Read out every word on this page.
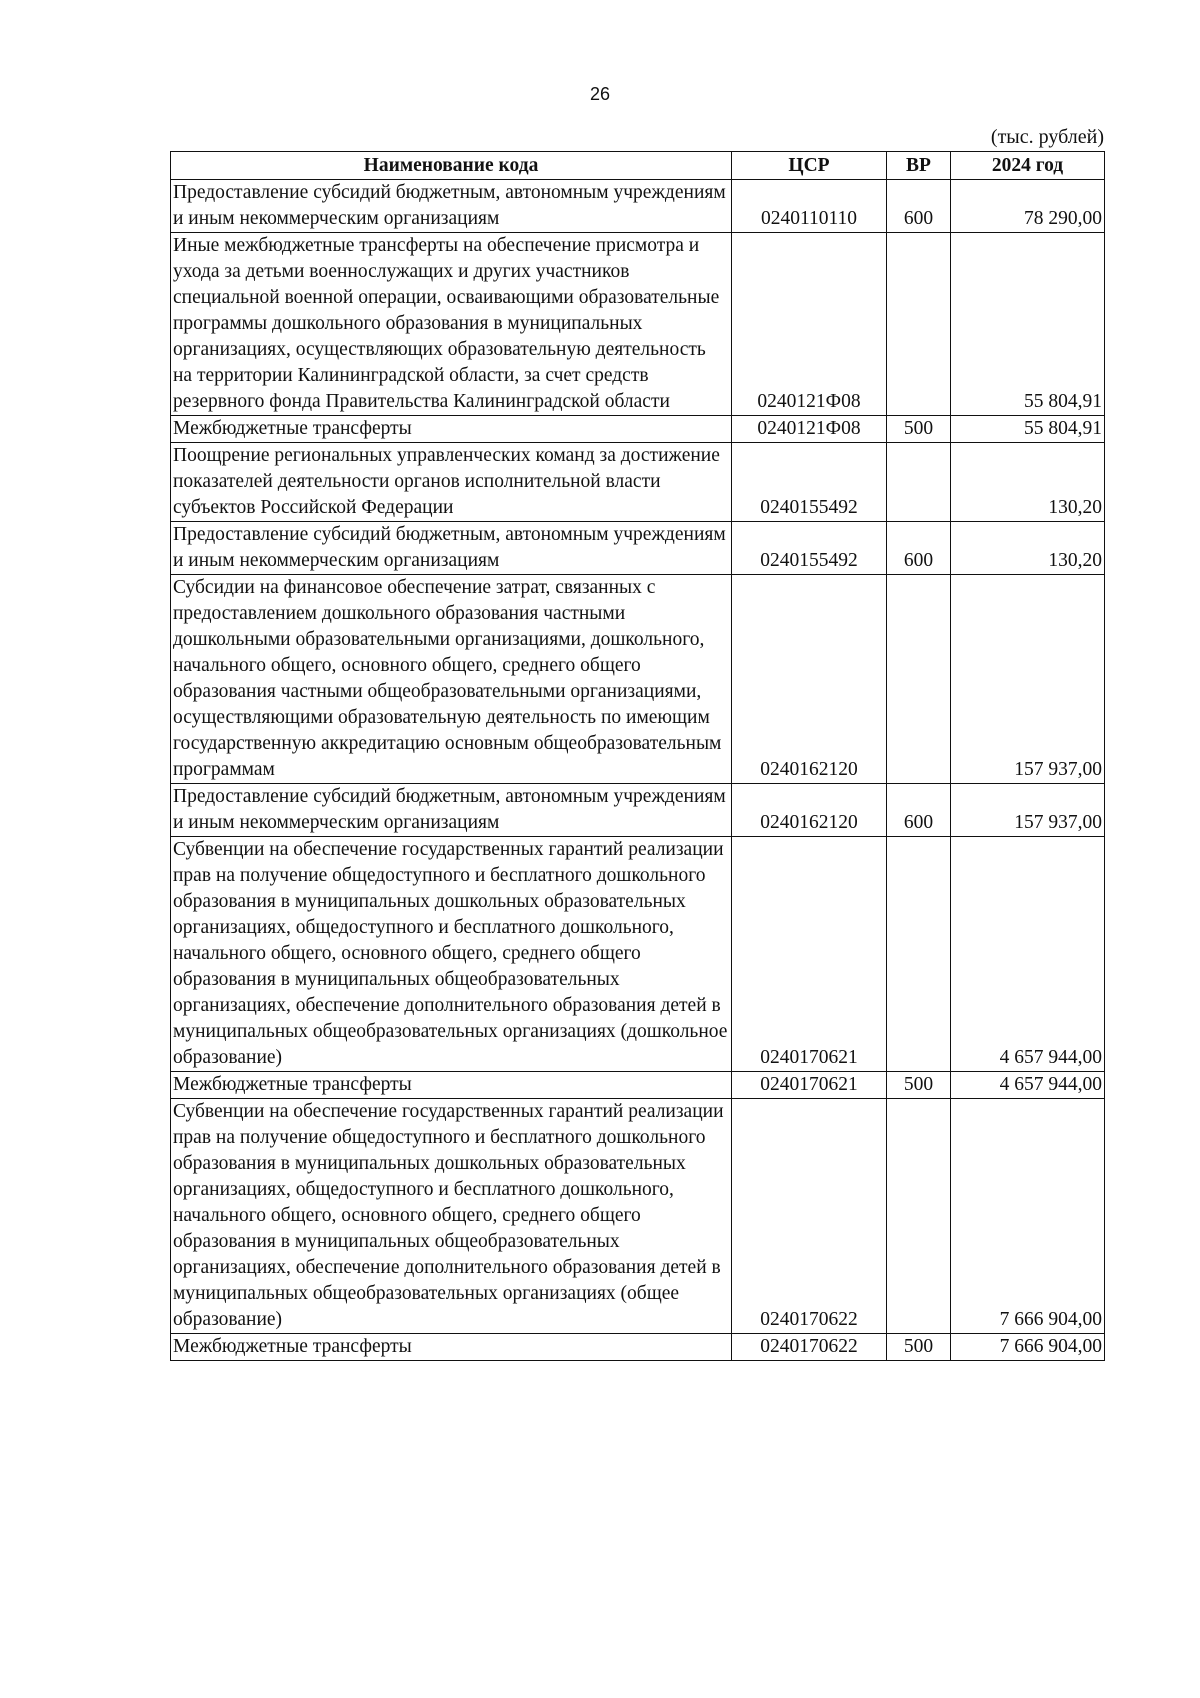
26
(тыс. рублей)
Наименование кода	ЦСР	ВР	2024 год
Предоставление субсидий бюджетным, автономным учреждениям и иным некоммерческим организациям	0240110110	600	78 290,00
Иные межбюджетные трансферты на обеспечение присмотра и ухода за детьми военнослужащих и других участников специальной военной операции, осваивающими образовательные программы дошкольного образования в муниципальных организациях, осуществляющих образовательную деятельность на территории Калининградской области, за счет средств резервного фонда Правительства Калининградской области	0240121Ф08		55 804,91
Межбюджетные трансферты	0240121Ф08	500	55 804,91
Поощрение региональных управленческих команд за достижение показателей деятельности органов исполнительной власти субъектов Российской Федерации	0240155492		130,20
Предоставление субсидий бюджетным, автономным учреждениям и иным некоммерческим организациям	0240155492	600	130,20
Субсидии на финансовое обеспечение затрат, связанных с предоставлением дошкольного образования частными дошкольными образовательными организациями, дошкольного, начального общего, основного общего, среднего общего образования частными общеобразовательными организациями, осуществляющими образовательную деятельность по имеющим государственную аккредитацию основным общеобразовательным программам	0240162120		157 937,00
Предоставление субсидий бюджетным, автономным учреждениям и иным некоммерческим организациям	0240162120	600	157 937,00
Субвенции на обеспечение государственных гарантий реализации прав на получение общедоступного и бесплатного дошкольного образования в муниципальных дошкольных образовательных организациях, общедоступного и бесплатного дошкольного, начального общего, основного общего, среднего общего образования в муниципальных общеобразовательных организациях, обеспечение дополнительного образования детей в муниципальных общеобразовательных организациях (дошкольное образование)	0240170621		4 657 944,00
Межбюджетные трансферты	0240170621	500	4 657 944,00
Субвенции на обеспечение государственных гарантий реализации прав на получение общедоступного и бесплатного дошкольного образования в муниципальных дошкольных образовательных организациях, общедоступного и бесплатного дошкольного, начального общего, основного общего, среднего общего образования в муниципальных общеобразовательных организациях, обеспечение дополнительного образования детей в муниципальных общеобразовательных организациях (общее образование)	0240170622		7 666 904,00
Межбюджетные трансферты	0240170622	500	7 666 904,00
